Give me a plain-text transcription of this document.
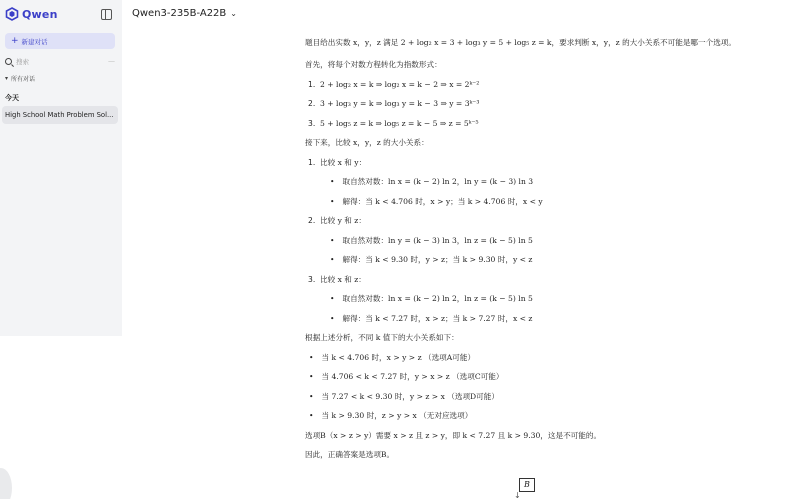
Qwen
+ 新建对话
搜索	—
▾ 所有对话
今天
High School Math Problem Sol...
Qwen3-235B-A22B ⌄
题目给出实数 x，y，z 满足 2 + log₂ x = 3 + log₃ y = 5 + log₅ z = k，要求判断 x，y，z 的大小关系不可能是哪一个选项。
首先，将每个对数方程转化为指数形式：
1. 2 + log₂ x = k ⇒ log₂ x = k − 2 ⇒ x = 2ᵏ⁻²
2. 3 + log₃ y = k ⇒ log₃ y = k − 3 ⇒ y = 3ᵏ⁻³
3. 5 + log₅ z = k ⇒ log₅ z = k − 5 ⇒ z = 5ᵏ⁻⁵
接下来，比较 x，y，z 的大小关系：
1. 比较 x 和 y：
• 取自然对数：ln x = (k − 2) ln 2，ln y = (k − 3) ln 3
• 解得：当 k < 4.706 时，x > y；当 k > 4.706 时，x < y
2. 比较 y 和 z：
• 取自然对数：ln y = (k − 3) ln 3，ln z = (k − 5) ln 5
• 解得：当 k < 9.30 时，y > z；当 k > 9.30 时，y < z
3. 比较 x 和 z：
• 取自然对数：ln x = (k − 2) ln 2，ln z = (k − 5) ln 5
• 解得：当 k < 7.27 时，x > z；当 k > 7.27 时，x < z
根据上述分析，不同 k 值下的大小关系如下：
• 当 k < 4.706 时，x > y > z （选项A可能）
• 当 4.706 < k < 7.27 时，y > x > z （选项C可能）
• 当 7.27 < k < 9.30 时，y > z > x （选项D可能）
• 当 k > 9.30 时，z > y > x （无对应选项）
选项B（x > z > y）需要 x > z 且 z > y，即 k < 7.27 且 k > 9.30，这是不可能的。
因此，正确答案是选项B。
B
↓
